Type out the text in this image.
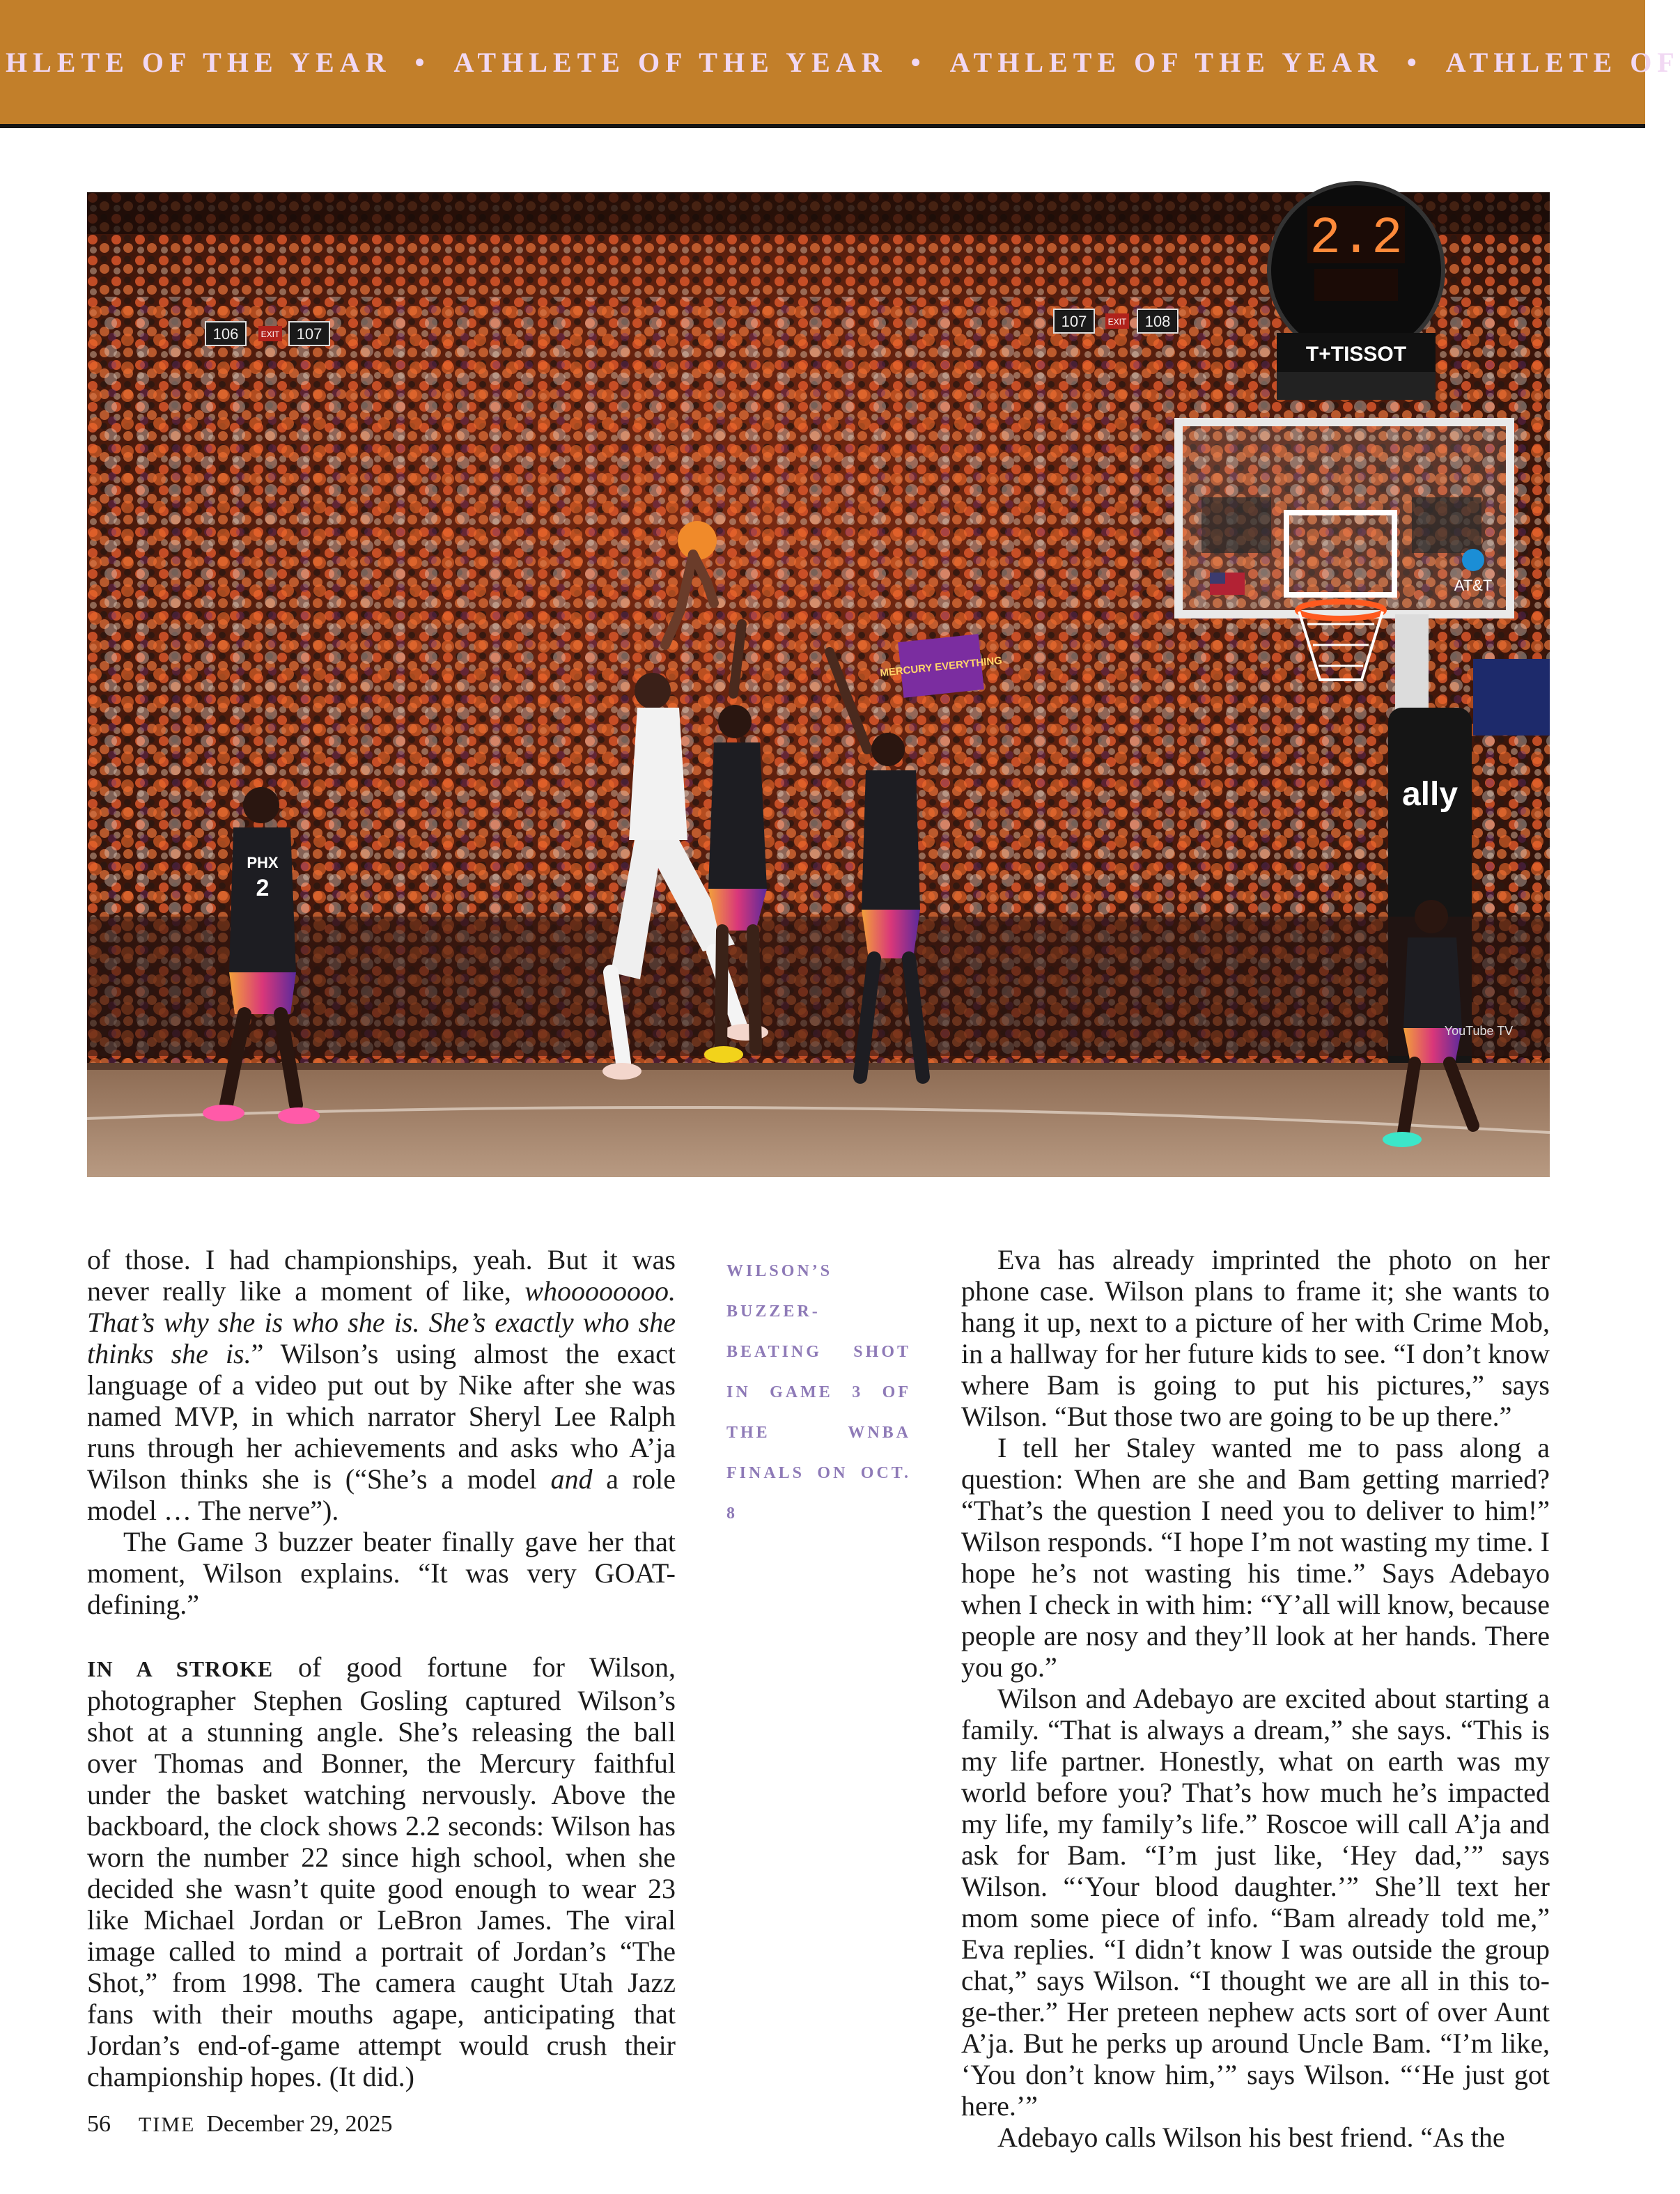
HLETE OF THE YEAR • ATHLETE OF THE YEAR • ATHLETE OF THE YEAR • ATHLETE OF
106	EXIT 107
107	EXIT 108
2.2
T+TISSOT
AT&T
ally
MERCURY EVERYTHING
PHX
2
YouTube TV

of those. I had championships, yeah. But it was never really like a moment of like, whoooooooo. That’s why she is who she is. She’s exactly who she thinks she is.” Wilson’s using almost the exact language of a video put out by Nike after she was named MVP, in which narrator Sheryl Lee Ralph runs through her achievements and asks who A’ja Wilson thinks she is (“She’s a model and a role model … The nerve”).

The Game 3 buzzer beater finally gave her that moment, Wilson explains. “It was very GOAT-defining.”

IN A STROKE of good fortune for Wilson, photographer Stephen Gosling captured Wilson’s shot at a stunning angle. She’s releasing the ball over Thomas and Bonner, the Mercury faithful under the basket watching nervously. Above the backboard, the clock shows 2.2 seconds: Wilson has worn the number 22 since high school, when she decided she wasn’t quite good enough to wear 23 like Michael Jordan or LeBron James. The viral image called to mind a portrait of Jordan’s “The Shot,” from 1998. The camera caught Utah Jazz fans with their mouths agape, anticipating that Jordan’s end-of-game attempt would crush their championship hopes. (It did.)

WILSON’S BUZZER-BEATING SHOT IN GAME 3 OF THE WNBA FINALS ON OCT. 8

Eva has already imprinted the photo on her phone case. Wilson plans to frame it; she wants to hang it up, next to a picture of her with Crime Mob, in a hallway for her future kids to see. “I don’t know where Bam is going to put his pictures,” says Wilson. “But those two are going to be up there.”

I tell her Staley wanted me to pass along a question: When are she and Bam getting married? “That’s the question I need you to deliver to him!” Wilson responds. “I hope I’m not wasting my time. I hope he’s not wasting his time.” Says Adebayo when I check in with him: “Y’all will know, because people are nosy and they’ll look at her hands. There you go.”

Wilson and Adebayo are excited about starting a family. “That is always a dream,” she says. “This is my life partner. Honestly, what on earth was my world before you? That’s how much he’s impacted my life, my family’s life.” Roscoe will call A’ja and ask for Bam. “I’m just like, ‘Hey dad,’” says Wilson. “‘Your blood daughter.’” She’ll text her mom some piece of info. “Bam already told me,” Eva replies. “I didn’t know I was outside the group chat,” says Wilson. “I thought we are all in this to-ge-ther.” Her preteen nephew acts sort of over Aunt A’ja. But he perks up around Uncle Bam. “I’m like, ‘You don’t know him,’” says Wilson. “‘He just got here.’”

Adebayo calls Wilson his best friend. “As the

56 TIME December 29, 2025
